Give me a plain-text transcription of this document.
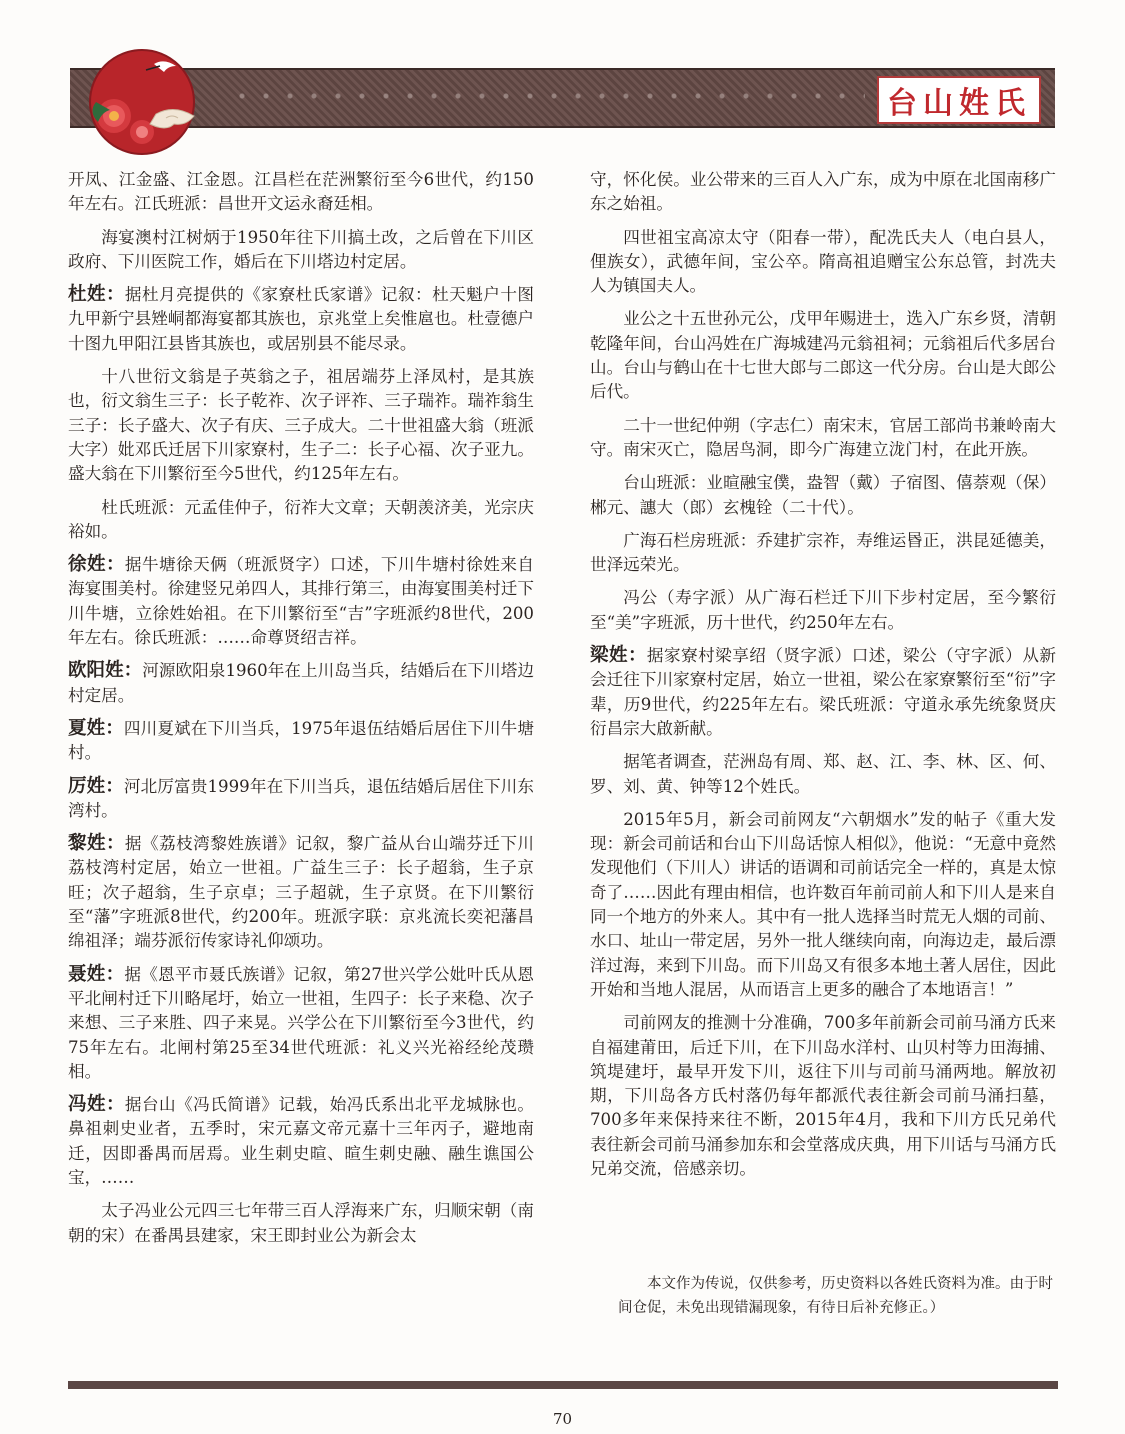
台山姓氏

开凤、江金盛、江金恩。江昌栏在茫洲繁衍至今6世代，约150年左右。江氏班派：昌世开文运永裔廷相。

海宴澳村江树炳于1950年往下川搞土改，之后曾在下川区政府、下川医院工作，婚后在下川塔边村定居。

杜姓：据杜月亮提供的《家寮杜氏家谱》记叙：杜天魁户十图九甲新宁县矬峒都海宴都其族也，京兆堂上矣惟扈也。杜壹德户十图九甲阳江县皆其族也，或居别县不能尽录。

十八世衍文翁是子英翁之子，祖居端芬上泽凤村，是其族也，衍文翁生三子：长子乾祚、次子评祚、三子瑞祚。瑞祚翁生三子：长子盛大、次子有庆、三子成大。二十世祖盛大翁（班派大字）妣邓氏迁居下川家寮村，生子二：长子心福、次子亚九。盛大翁在下川繁衍至今5世代，约125年左右。

杜氏班派：元孟佳仲子，衍祚大文章；天朝羡济美，光宗庆裕如。

徐姓：据牛塘徐天俩（班派贤字）口述，下川牛塘村徐姓来自海宴围美村。徐建竖兄弟四人，其排行第三，由海宴围美村迁下川牛塘，立徐姓始祖。在下川繁衍至“吉”字班派约8世代，200年左右。徐氏班派：……命尊贤绍吉祥。

欧阳姓：河源欧阳泉1960年在上川岛当兵，结婚后在下川塔边村定居。

夏姓：四川夏斌在下川当兵，1975年退伍结婚后居住下川牛塘村。

厉姓：河北厉富贵1999年在下川当兵，退伍结婚后居住下川东湾村。

黎姓：据《荔枝湾黎姓族谱》记叙，黎广益从台山端芬迁下川荔枝湾村定居，始立一世祖。广益生三子：长子超翁，生子京旺；次子超翁，生子京卓；三子超就，生子京贤。在下川繁衍至“藩”字班派8世代，约200年。班派字联：京兆流长奕祀藩昌绵祖泽；端芬派衍传家诗礼仰颂功。

聂姓：据《恩平市聂氏族谱》记叙，第27世兴学公妣叶氏从恩平北闸村迁下川略尾圩，始立一世祖，生四子：长子来稳、次子来想、三子来胜、四子来晃。兴学公在下川繁衍至今3世代，约75年左右。北闸村第25至34世代班派：礼义兴光裕经纶茂瓒相。

冯姓：据台山《冯氏简谱》记载，始冯氏系出北平龙城脉也。鼻祖刺史业者，五季时，宋元嘉文帝元嘉十三年丙子，避地南迁，因即番禺而居焉。业生刺史暄、暄生刺史融、融生谯国公宝，……

太子冯业公元四三七年带三百人浮海来广东，归顺宋朝（南朝的宋）在番禺县建家，宋王即封业公为新会太

守，怀化侯。业公带来的三百人入广东，成为中原在北国南移广东之始祖。

四世祖宝高凉太守（阳春一带），配冼氏夫人（电白县人，俚族女），武德年间，宝公卒。隋高祖追赠宝公东总管，封冼夫人为镇国夫人。

业公之十五世孙元公，戊甲年赐进士，选入广东乡贤，清朝乾隆年间，台山冯姓在广海城建冯元翁祖祠；元翁祖后代多居台山。台山与鹤山在十七世大郎与二郎这一代分房。台山是大郎公后代。

二十一世纪仲朔（字志仁）南宋末，官居工部尚书兼岭南大守。南宋灭亡，隐居鸟洞，即今广海建立泷门村，在此开族。

台山班派：业暄融宝僕，盎智（戴）子宿图、僖萘观（保）郴元、譓大（郎）玄槐铨（二十代）。

广海石栏房班派：乔建扩宗祚，寿维运昬正，洪昆延德美，世泽远荣光。

冯公（寿字派）从广海石栏迁下川下步村定居，至今繁衍至“美”字班派，历十世代，约250年左右。

梁姓：据家寮村梁享绍（贤字派）口述，梁公（守字派）从新会迁往下川家寮村定居，始立一世祖，梁公在家寮繁衍至“衍”字辈，历9世代，约225年左右。梁氏班派：守道永承先统象贤庆衍昌宗大啟新献。

据笔者调查，茫洲岛有周、郑、赵、江、李、林、区、何、罗、刘、黄、钟等12个姓氏。

2015年5月，新会司前网友“六朝烟水”发的帖子《重大发现：新会司前话和台山下川岛话惊人相似》，他说：“无意中竟然发现他们（下川人）讲话的语调和司前话完全一样的，真是太惊奇了……因此有理由相信，也许数百年前司前人和下川人是来自同一个地方的外来人。其中有一批人选择当时荒无人烟的司前、水口、址山一带定居，另外一批人继续向南，向海边走，最后漂洋过海，来到下川岛。而下川岛又有很多本地土著人居住，因此开始和当地人混居，从而语言上更多的融合了本地语言！”

司前网友的推测十分准确，700多年前新会司前马涌方氏来自福建莆田，后迁下川，在下川岛水洋村、山贝村等力田海捕、筑堤建圩，最早开发下川，返往下川与司前马涌两地。解放初期，下川岛各方氏村落仍每年都派代表往新会司前马涌扫墓，700多年来保持来往不断，2015年4月，我和下川方氏兄弟代表往新会司前马涌参加东和会堂落成庆典，用下川话与马涌方氏兄弟交流，倍感亲切。

本文作为传说，仅供参考，历史资料以各姓氏资料为准。由于时间仓促，未免出现错漏现象，有待日后补充修正。）

70
